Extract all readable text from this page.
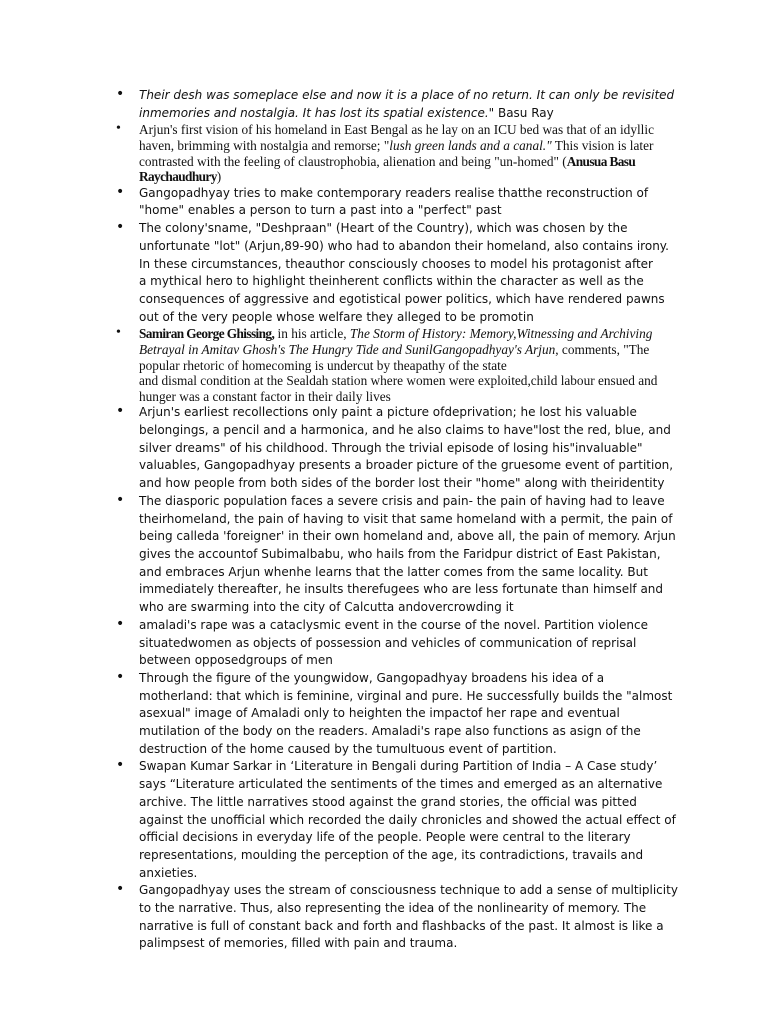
• Their desh was someplace else and now it is a place of no return. It can only be revisited inmemories and nostalgia. It has lost its spatial existence." Basu Ray
• Arjun's first vision of his homeland in East Bengal as he lay on an ICU bed was that of an idyllic haven, brimming with nostalgia and remorse; "lush green lands and a canal." This vision is later contrasted with the feeling of claustrophobia, alienation and being "un-homed" (Anusua Basu Raychaudhury)
• Gangopadhyay tries to make contemporary readers realise thatthe reconstruction of "home" enables a person to turn a past into a "perfect" past
• The colony'sname, "Deshpraan" (Heart of the Country), which was chosen by the unfortunate "lot" (Arjun,89-90) who had to abandon their homeland, also contains irony. In these circumstances, theauthor consciously chooses to model his protagonist after
a mythical hero to highlight theinherent conflicts within the character as well as the consequences of aggressive and egotistical power politics, which have rendered pawns out of the very people whose welfare they alleged to be promotin
• Samiran George Ghissing, in his article, The Storm of History: Memory,Witnessing and Archiving Betrayal in Amitav Ghosh's The Hungry Tide and SunilGangopadhyay's Arjun, comments, "The popular rhetoric of homecoming is undercut by theapathy of the state
and dismal condition at the Sealdah station where women were exploited,child labour ensued and hunger was a constant factor in their daily lives
• Arjun's earliest recollections only paint a picture ofdeprivation; he lost his valuable belongings, a pencil and a harmonica, and he also claims to have"lost the red, blue, and silver dreams" of his childhood. Through the trivial episode of losing his"invaluable" valuables, Gangopadhyay presents a broader picture of the gruesome event of partition, and how people from both sides of the border lost their "home" along with theiridentity
• The diasporic population faces a severe crisis and pain- the pain of having had to leave theirhomeland, the pain of having to visit that same homeland with a permit, the pain of being calleda 'foreigner' in their own homeland and, above all, the pain of memory. Arjun gives the accountof Subimalbabu, who hails from the Faridpur district of East Pakistan, and embraces Arjun whenhe learns that the latter comes from the same locality. But immediately thereafter, he insults therefugees who are less fortunate than himself and who are swarming into the city of Calcutta andovercrowding it
• amaladi's rape was a cataclysmic event in the course of the novel. Partition violence situatedwomen as objects of possession and vehicles of communication of reprisal between opposedgroups of men
• Through the figure of the youngwidow, Gangopadhyay broadens his idea of a motherland: that which is feminine, virginal and pure. He successfully builds the "almost asexual" image of Amaladi only to heighten the impactof her rape and eventual mutilation of the body on the readers. Amaladi's rape also functions as asign of the destruction of the home caused by the tumultuous event of partition.
• Swapan Kumar Sarkar in ‘Literature in Bengali during Partition of India – A Case study’ says “Literature articulated the sentiments of the times and emerged as an alternative archive. The little narratives stood against the grand stories, the official was pitted against the unofficial which recorded the daily chronicles and showed the actual effect of official decisions in everyday life of the people. People were central to the literary representations, moulding the perception of the age, its contradictions, travails and anxieties.
• Gangopadhyay uses the stream of consciousness technique to add a sense of multiplicity to the narrative. Thus, also representing the idea of the nonlinearity of memory. The narrative is full of constant back and forth and flashbacks of the past. It almost is like a palimpsest of memories, filled with pain and trauma.
